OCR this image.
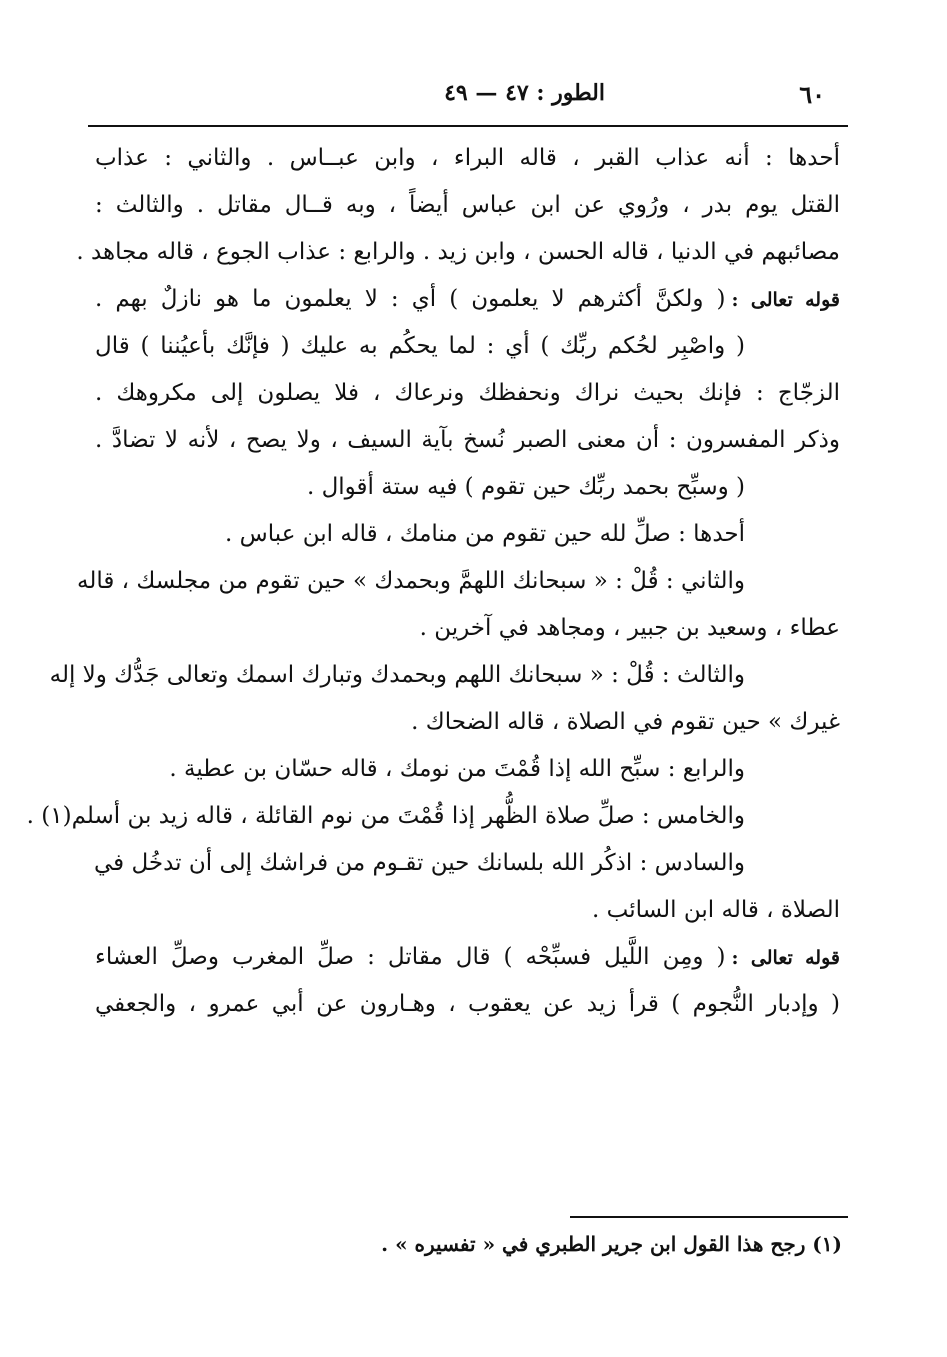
٦٠
الطور : ٤٧ — ٤٩
أحدها : أنه عذاب القبر ، قاله البراء ، وابن عبــاس . والثاني : عذاب
القتل يوم بدر ، ورُوي عن ابن عباس أيضاً ، وبه قــال مقاتل . والثالث :
مصائبهم في الدنيا ، قاله الحسن ، وابن زيد . والرابع : عذاب الجوع ، قاله مجاهد .
قوله تعالى :( ولكنَّ أكثرهم لا يعلمون ) أي : لا يعلمون ما هو نازلٌ بهم .
( واصْبِر لحُكم ربِّك ) أي : لما يحكُم به عليك ( فإنَّك بأعيُننا ) قال
الزجّاج : فإنك بحيث نراك ونحفظك ونرعاك ، فلا يصلون إلى مكروهك .
وذكر المفسرون : أن معنى الصبر نُسخ بآية السيف ، ولا يصح ، لأنه لا تضادَّ .
( وسبِّح بحمد ربِّك حين تقوم ) فيه ستة أقوال .
أحدها : صلِّ لله حين تقوم من منامك ، قاله ابن عباس .
والثاني : قُلْ : « سبحانك اللهمَّ وبحمدك » حين تقوم من مجلسك ، قاله
عطاء ، وسعيد بن جبير ، ومجاهد في آخرين .
والثالث : قُلْ : « سبحانك اللهم وبحمدك وتبارك اسمك وتعالى جَدُّك ولا إله
غيرك » حين تقوم في الصلاة ، قاله الضحاك .
والرابع : سبِّح الله إذا قُمْتَ من نومك ، قاله حسّان بن عطية .
والخامس : صلِّ صلاة الظُّهر إذا قُمْتَ من نوم القائلة ، قاله زيد بن أسلم(١) .
والسادس : اذكُر الله بلسانك حين تقـوم من فراشك إلى أن تدخُل في
الصلاة ، قاله ابن السائب .
قوله تعالى :( ومِن اللَّيل فسبِّحْه ) قال مقاتل : صلِّ المغرب وصلِّ العشاء
( وإدبار النُّجوم ) قرأ زيد عن يعقوب ، وهـارون عن أبي عمرو ، والجعفي
(١) رجح هذا القول ابن جرير الطبري في « تفسيره » .
